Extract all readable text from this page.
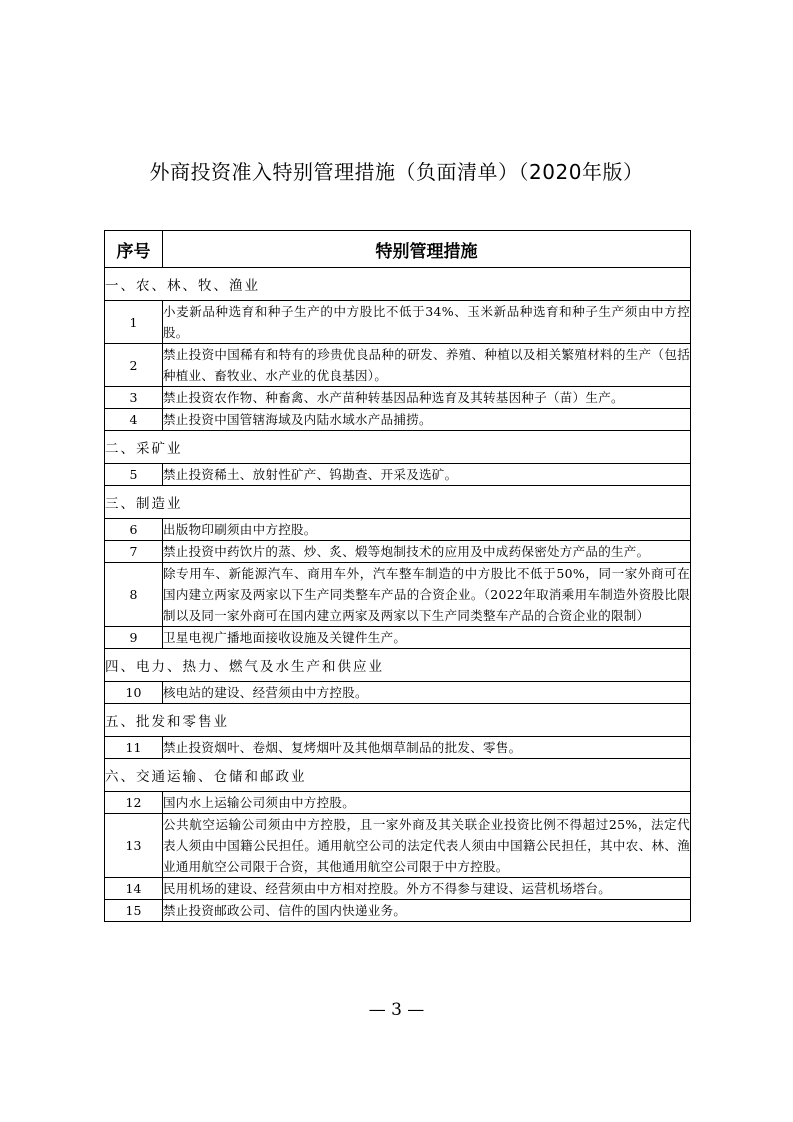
外商投资准入特别管理措施（负面清单）（2020年版）
序号	特别管理措施
一、农、林、牧、渔业	
1	小麦新品种选育和种子生产的中方股比不低于34%、玉米新品种选育和种子生产须由中方控股。
2	禁止投资中国稀有和特有的珍贵优良品种的研发、养殖、种植以及相关繁殖材料的生产（包括种植业、畜牧业、水产业的优良基因）。
3	禁止投资农作物、种畜禽、水产苗种转基因品种选育及其转基因种子（苗）生产。
4	禁止投资中国管辖海域及内陆水域水产品捕捞。
二、采矿业	
5	禁止投资稀土、放射性矿产、钨勘查、开采及选矿。
三、制造业	
6	出版物印刷须由中方控股。
7	禁止投资中药饮片的蒸、炒、炙、煅等炮制技术的应用及中成药保密处方产品的生产。
8	除专用车、新能源汽车、商用车外，汽车整车制造的中方股比不低于50%，同一家外商可在国内建立两家及两家以下生产同类整车产品的合资企业。（2022年取消乘用车制造外资股比限制以及同一家外商可在国内建立两家及两家以下生产同类整车产品的合资企业的限制）
9	卫星电视广播地面接收设施及关键件生产。
四、电力、热力、燃气及水生产和供应业	
10	核电站的建设、经营须由中方控股。
五、批发和零售业	
11	禁止投资烟叶、卷烟、复烤烟叶及其他烟草制品的批发、零售。
六、交通运输、仓储和邮政业	
12	国内水上运输公司须由中方控股。
13	公共航空运输公司须由中方控股，且一家外商及其关联企业投资比例不得超过25%，法定代表人须由中国籍公民担任。通用航空公司的法定代表人须由中国籍公民担任，其中农、林、渔业通用航空公司限于合资，其他通用航空公司限于中方控股。
14	民用机场的建设、经营须由中方相对控股。外方不得参与建设、运营机场塔台。
15	禁止投资邮政公司、信件的国内快递业务。
— 3 —
